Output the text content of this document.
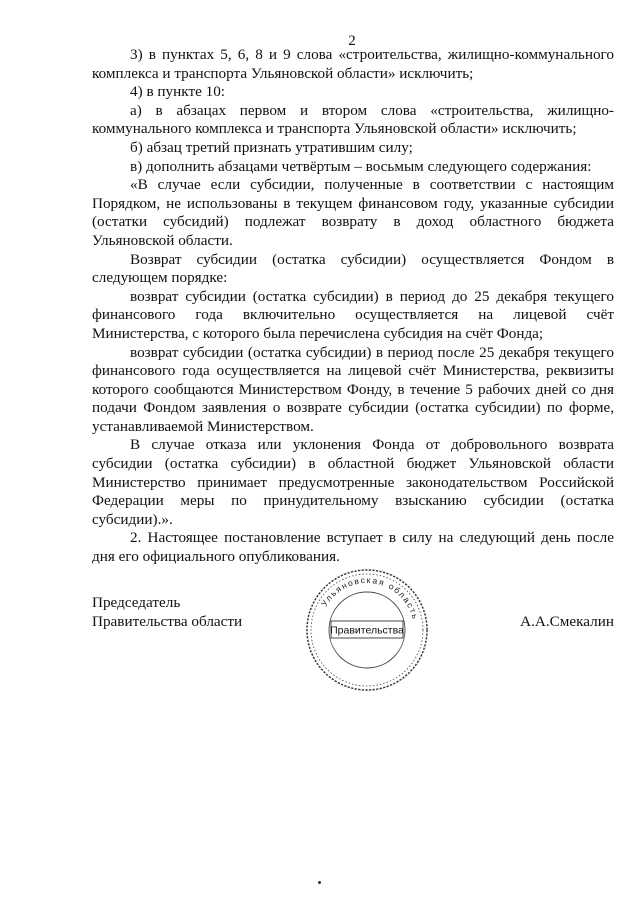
2

3) в пунктах 5, 6, 8 и 9 слова «строительства, жилищно-коммунального комплекса и транспорта Ульяновской области» исключить;

4) в пункте 10:

а) в абзацах первом и втором слова «строительства, жилищно-коммунального комплекса и транспорта Ульяновской области» исключить;

б) абзац третий признать утратившим силу;

в) дополнить абзацами четвёртым – восьмым следующего содержания:

«В случае если субсидии, полученные в соответствии с настоящим Порядком, не использованы в текущем финансовом году, указанные субсидии (остатки субсидий) подлежат возврату в доход областного бюджета Ульяновской области.

Возврат субсидии (остатка субсидии) осуществляется Фондом в следующем порядке:

возврат субсидии (остатка субсидии) в период до 25 декабря текущего финансового года включительно осуществляется на лицевой счёт Министерства, с которого была перечислена субсидия на счёт Фонда;

возврат субсидии (остатка субсидии) в период после 25 декабря текущего финансового года осуществляется на лицевой счёт Министерства, реквизиты которого сообщаются Министерством Фонду, в течение 5 рабочих дней со дня подачи Фондом заявления о возврате субсидии (остатка субсидии) по форме, устанавливаемой Министерством.

В случае отказа или уклонения Фонда от добровольного возврата субсидии (остатка субсидии) в областной бюджет Ульяновской области Министерство принимает предусмотренные законодательством Российской Федерации меры по принудительному взысканию субсидии (остатка субсидии).».

2. Настоящее постановление вступает в силу на следующий день после дня его официального опубликования.

Председатель
Правительства области
Ульяновская область
Правительства
А.А.Смекалин
